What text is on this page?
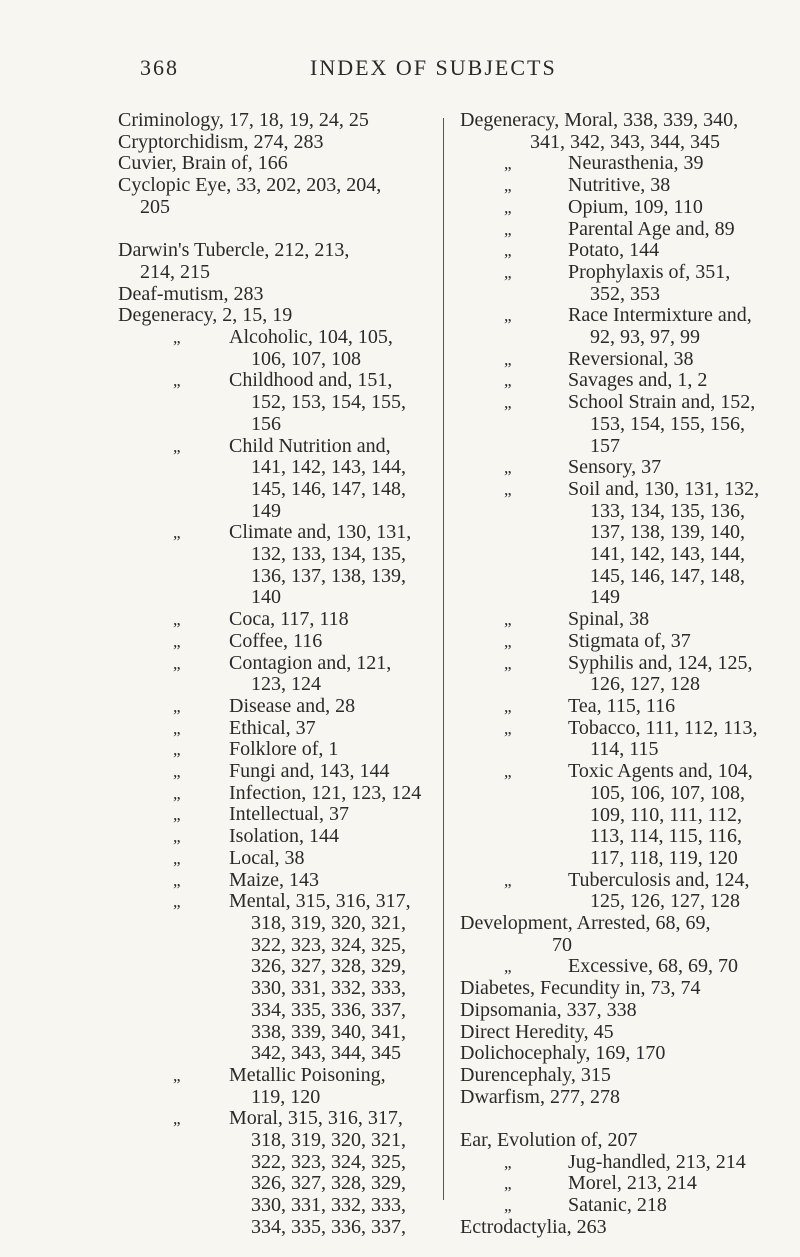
368	INDEX OF SUBJECTS
Criminology, 17, 18, 19, 24, 25
Cryptorchidism, 274, 283
Cuvier, Brain of, 166
Cyclopic Eye, 33, 202, 203, 204,
205
Darwin's Tubercle, 212, 213,
214, 215
Deaf-mutism, 283
Degeneracy, 2, 15, 19
„ Alcoholic, 104, 105,
106, 107, 108
„ Childhood and, 151,
152, 153, 154, 155,
156
„ Child Nutrition and,
141, 142, 143, 144,
145, 146, 147, 148,
149
„ Climate and, 130, 131,
132, 133, 134, 135,
136, 137, 138, 139,
140
„ Coca, 117, 118
„ Coffee, 116
„ Contagion and, 121,
123, 124
„ Disease and, 28
„ Ethical, 37
„ Folklore of, 1
„ Fungi and, 143, 144
„ Infection, 121, 123, 124
„ Intellectual, 37
„ Isolation, 144
„ Local, 38
„ Maize, 143
„ Mental, 315, 316, 317,
318, 319, 320, 321,
322, 323, 324, 325,
326, 327, 328, 329,
330, 331, 332, 333,
334, 335, 336, 337,
338, 339, 340, 341,
342, 343, 344, 345
„ Metallic Poisoning,
119, 120
„ Moral, 315, 316, 317,
318, 319, 320, 321,
322, 323, 324, 325,
326, 327, 328, 329,
330, 331, 332, 333,
334, 335, 336, 337,
Degeneracy, Moral, 338, 339, 340,
341, 342, 343, 344, 345
„	Neurasthenia, 39
„	Nutritive, 38
„	Opium, 109, 110
„	Parental Age and, 89
„	Potato, 144
„	Prophylaxis of, 351,
352, 353
„	Race Intermixture and,
92, 93, 97, 99
„	Reversional, 38
„	Savages and, 1, 2
„	School Strain and, 152,
153, 154, 155, 156,
157
„	Sensory, 37
„	Soil and, 130, 131, 132,
133, 134, 135, 136,
137, 138, 139, 140,
141, 142, 143, 144,
145, 146, 147, 148,
149
„	Spinal, 38
„	Stigmata of, 37
„	Syphilis and, 124, 125,
126, 127, 128
„	Tea, 115, 116
„	Tobacco, 111, 112, 113,
114, 115
„	Toxic Agents and, 104,
105, 106, 107, 108,
109, 110, 111, 112,
113, 114, 115, 116,
117, 118, 119, 120
„	Tuberculosis and, 124,
125, 126, 127, 128
Development, Arrested, 68, 69,
70
„	Excessive, 68, 69, 70
Diabetes, Fecundity in, 73, 74
Dipsomania, 337, 338
Direct Heredity, 45
Dolichocephaly, 169, 170
Durencephaly, 315
Dwarfism, 277, 278
Ear, Evolution of, 207
„	Jug-handled, 213, 214
„	Morel, 213, 214
„	Satanic, 218
Ectrodactylia, 263
